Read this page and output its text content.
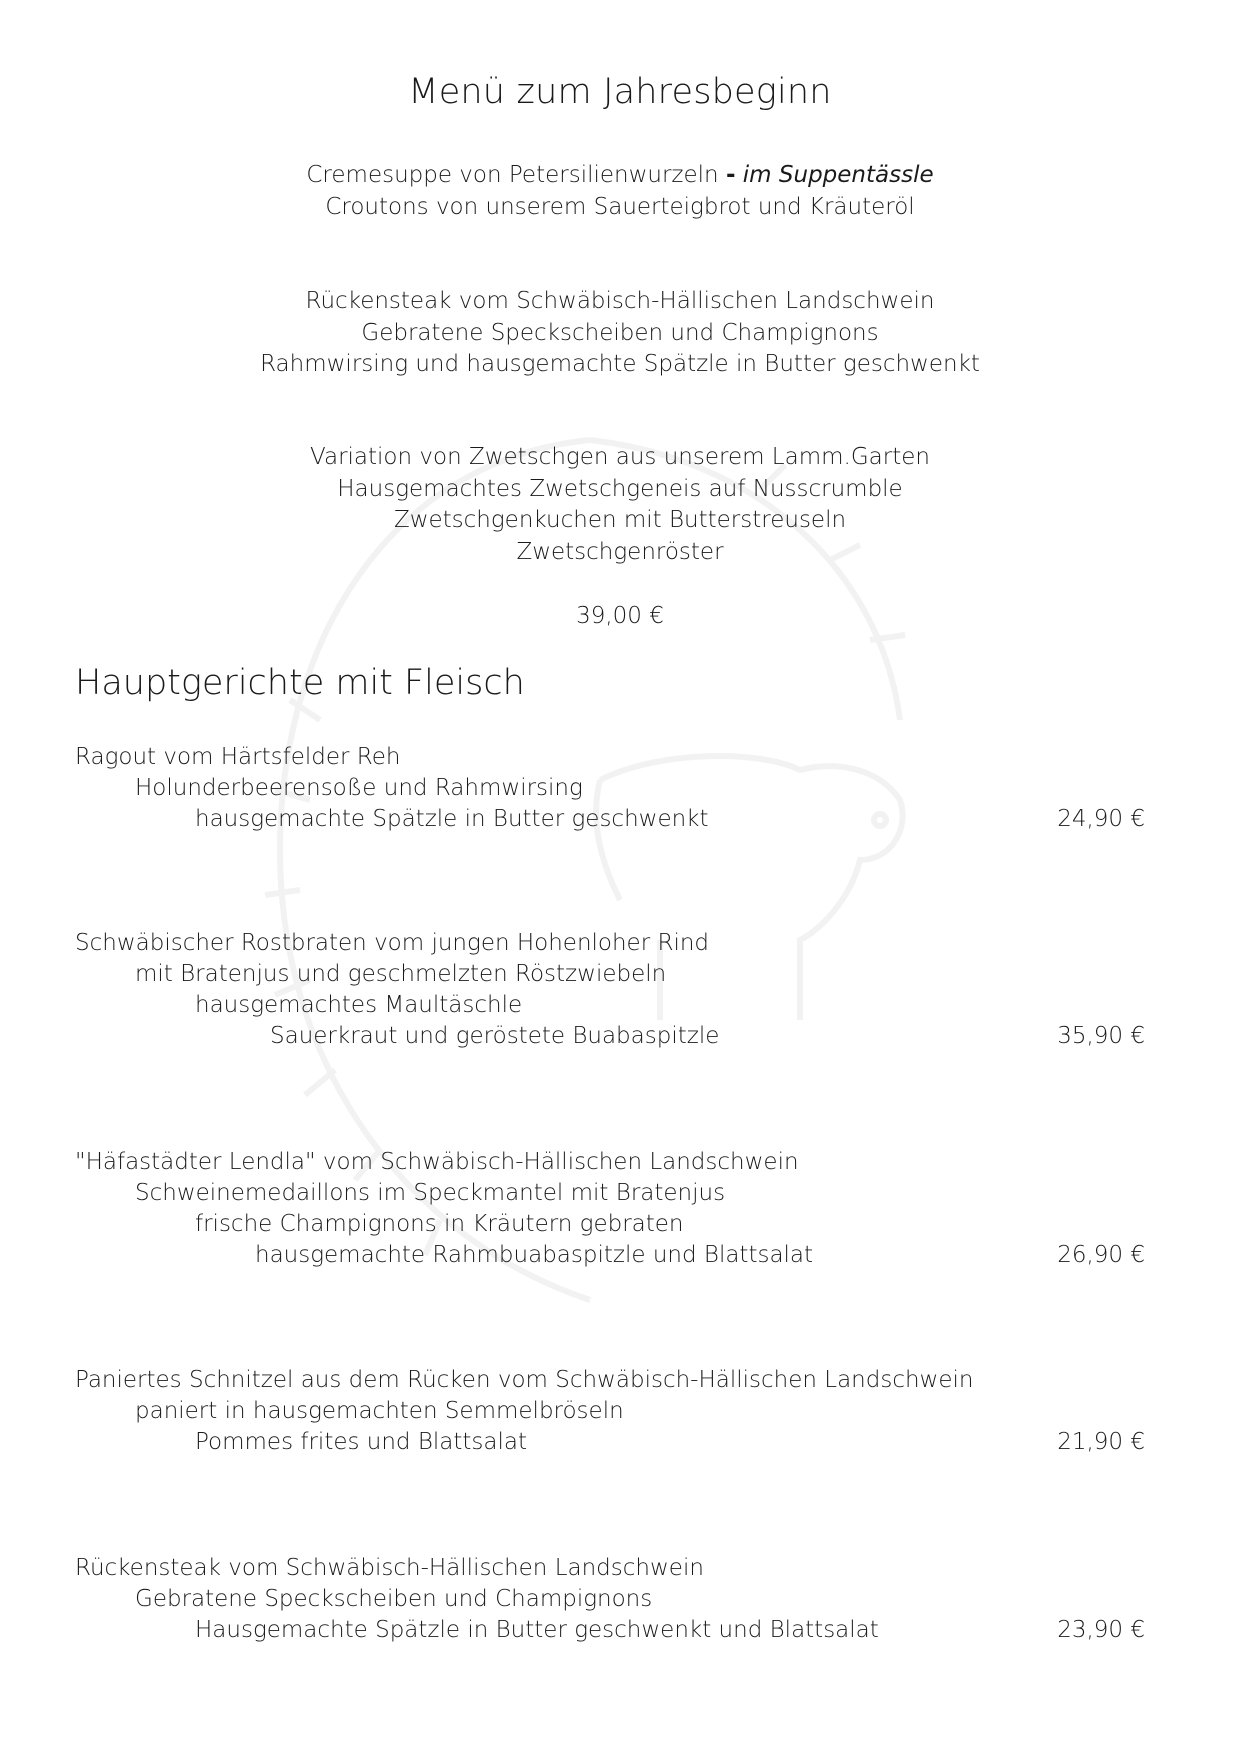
Menü zum Jahresbeginn
Cremesuppe von Petersilienwurzeln - im Suppentässle
Croutons von unserem Sauerteigbrot und Kräuteröl
Rückensteak vom Schwäbisch-Hällischen Landschwein
Gebratene Speckscheiben und Champignons
Rahmwirsing und hausgemachte Spätzle in Butter geschwenkt
Variation von Zwetschgen aus unserem Lamm.Garten
Hausgemachtes Zwetschgeneis auf Nusscrumble
Zwetschgenkuchen mit Butterstreuseln
Zwetschgenröster
39,00 €
Hauptgerichte mit Fleisch
Ragout vom Härtsfelder Reh
Holunderbeerensoße und Rahmwirsing
hausgemachte Spätzle in Butter geschwenkt	24,90 €
Schwäbischer Rostbraten vom jungen Hohenloher Rind
mit Bratenjus und geschmelzten Röstzwiebeln
hausgemachtes Maultäschle
Sauerkraut und geröstete Buabaspitzle	35,90 €
"Häfastädter Lendla" vom Schwäbisch-Hällischen Landschwein
Schweinemedaillons im Speckmantel mit Bratenjus
frische Champignons in Kräutern gebraten
hausgemachte Rahmbuabaspitzle und Blattsalat	26,90 €
Paniertes Schnitzel aus dem Rücken vom Schwäbisch-Hällischen Landschwein
paniert in hausgemachten Semmelbröseln
Pommes frites und Blattsalat	21,90 €
Rückensteak vom Schwäbisch-Hällischen Landschwein
Gebratene Speckscheiben und Champignons
Hausgemachte Spätzle in Butter geschwenkt und Blattsalat	23,90 €
